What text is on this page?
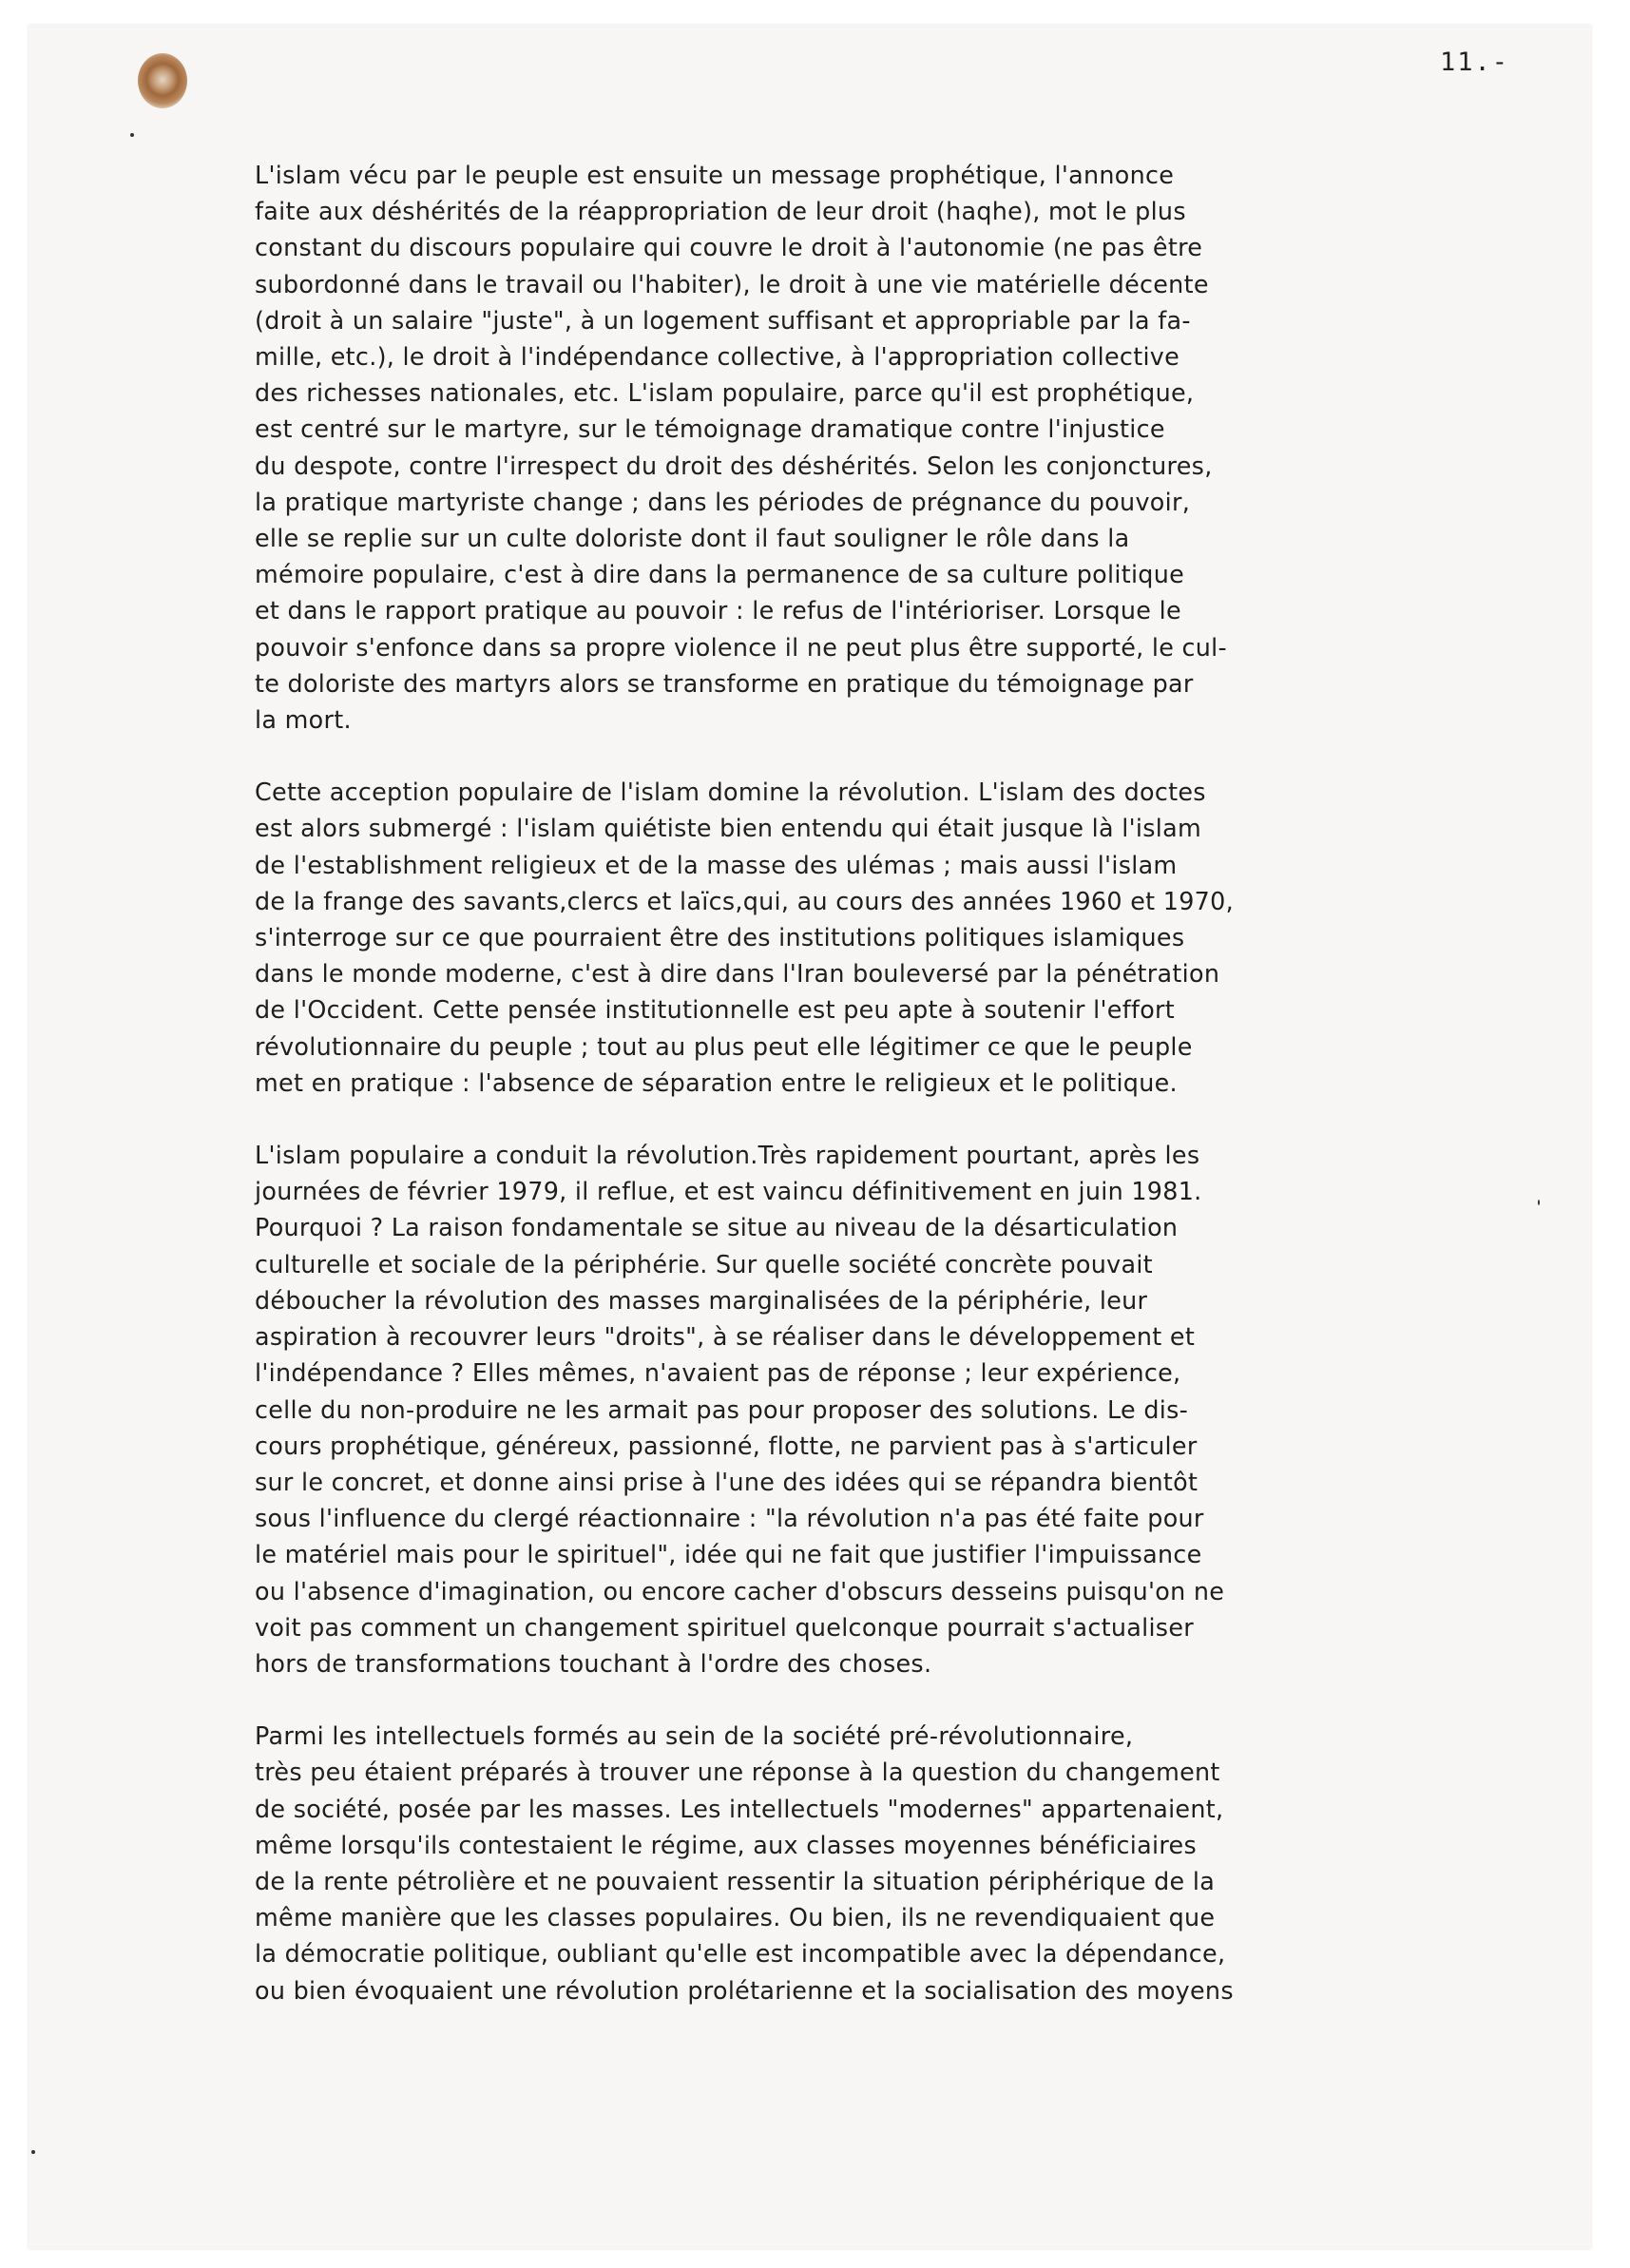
11.-
L'islam vécu par le peuple est ensuite un message prophétique, l'annonce
faite aux déshérités de la réappropriation de leur droit (haqhe), mot le plus
constant du discours populaire qui couvre le droit à l'autonomie (ne pas être
subordonné dans le travail ou l'habiter), le droit à une vie matérielle décente
(droit à un salaire "juste", à un logement suffisant et appropriable par la fa-
mille, etc.), le droit à l'indépendance collective, à l'appropriation collective
des richesses nationales, etc. L'islam populaire, parce qu'il est prophétique,
est centré sur le martyre, sur le témoignage dramatique contre l'injustice
du despote, contre l'irrespect du droit des déshérités. Selon les conjonctures,
la pratique martyriste change ; dans les périodes de prégnance du pouvoir,
elle se replie sur un culte doloriste dont il faut souligner le rôle dans la
mémoire populaire, c'est à dire dans la permanence de sa culture politique
et dans le rapport pratique au pouvoir : le refus de l'intérioriser. Lorsque le
pouvoir s'enfonce dans sa propre violence il ne peut plus être supporté, le cul-
te doloriste des martyrs alors se transforme en pratique du témoignage par
la mort.
Cette acception populaire de l'islam domine la révolution. L'islam des doctes
est alors submergé : l'islam quiétiste bien entendu qui était jusque là l'islam
de l'establishment religieux et de la masse des ulémas ; mais aussi l'islam
de la frange des savants,clercs et laïcs,qui, au cours des années 1960 et 1970,
s'interroge sur ce que pourraient être des institutions politiques islamiques
dans le monde moderne, c'est à dire dans l'Iran bouleversé par la pénétration
de l'Occident. Cette pensée institutionnelle est peu apte à soutenir l'effort
révolutionnaire du peuple ; tout au plus peut elle légitimer ce que le peuple
met en pratique : l'absence de séparation entre le religieux et le politique.
L'islam populaire a conduit la révolution.Très rapidement pourtant, après les
journées de février 1979, il reflue, et est vaincu définitivement en juin 1981.
Pourquoi ? La raison fondamentale se situe au niveau de la désarticulation
culturelle et sociale de la périphérie. Sur quelle société concrète pouvait
déboucher la révolution des masses marginalisées de la périphérie, leur
aspiration à recouvrer leurs "droits", à se réaliser dans le développement et
l'indépendance ? Elles mêmes, n'avaient pas de réponse ; leur expérience,
celle du non-produire ne les armait pas pour proposer des solutions. Le dis-
cours prophétique, généreux, passionné, flotte, ne parvient pas à s'articuler
sur le concret, et donne ainsi prise à l'une des idées qui se répandra bientôt
sous l'influence du clergé réactionnaire : "la révolution n'a pas été faite pour
le matériel mais pour le spirituel", idée qui ne fait que justifier l'impuissance
ou l'absence d'imagination, ou encore cacher d'obscurs desseins puisqu'on ne
voit pas comment un changement spirituel quelconque pourrait s'actualiser
hors de transformations touchant à l'ordre des choses.
Parmi les intellectuels formés au sein de la société pré-révolutionnaire,
très peu étaient préparés à trouver une réponse à la question du changement
de société, posée par les masses. Les intellectuels "modernes" appartenaient,
même lorsqu'ils contestaient le régime, aux classes moyennes bénéficiaires
de la rente pétrolière et ne pouvaient ressentir la situation périphérique de la
même manière que les classes populaires. Ou bien, ils ne revendiquaient que
la démocratie politique, oubliant qu'elle est incompatible avec la dépendance,
ou bien évoquaient une révolution prolétarienne et la socialisation des moyens
